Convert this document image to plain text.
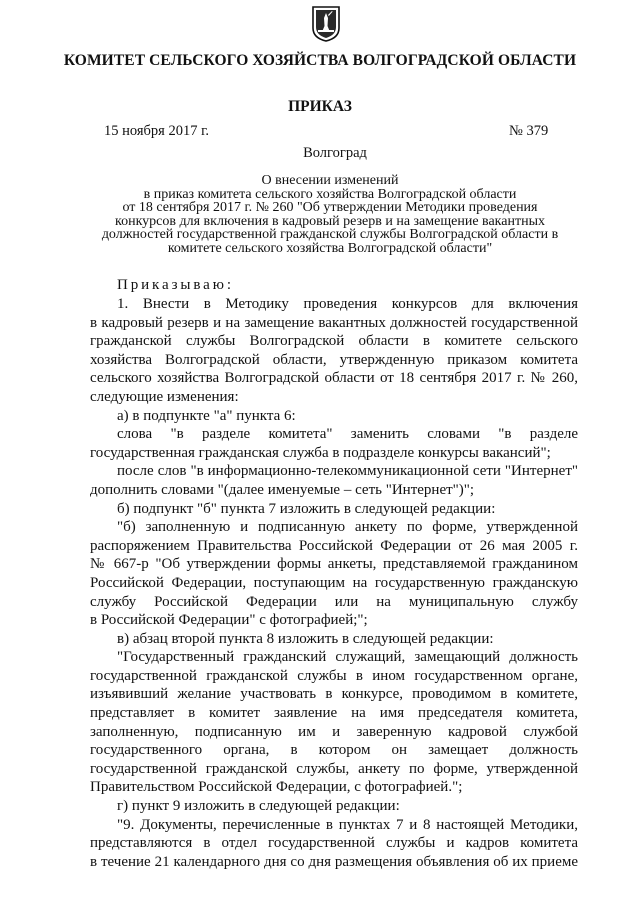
КОМИТЕТ СЕЛЬСКОГО ХОЗЯЙСТВА ВОЛГОГРАДСКОЙ ОБЛАСТИ
ПРИКАЗ
15 ноября 2017 г.	№ 379
Волгоград
О внесении изменений
в приказ комитета сельского хозяйства Волгоградской области
от 18 сентября 2017 г. № 260 "Об утверждении Методики проведения
конкурсов для включения в кадровый резерв и на замещение вакантных
должностей государственной гражданской службы Волгоградской области в
комитете сельского хозяйства Волгоградской области"
Приказываю:

1. Внести в Методику проведения конкурсов для включения
в кадровый резерв и на замещение вакантных должностей государственной
гражданской службы Волгоградской области в комитете сельского
хозяйства Волгоградской области, утвержденную приказом комитета
сельского хозяйства Волгоградской области от 18 сентября 2017 г. № 260,
следующие изменения:

а) в подпункте "а" пункта 6:

слова "в разделе комитета" заменить словами "в разделе
государственная гражданская служба в подразделе конкурсы вакансий";

после слов "в информационно-телекоммуникационной сети "Интернет"
дополнить словами "(далее именуемые – сеть "Интернет")";

б) подпункт "б" пункта 7 изложить в следующей редакции:

"б) заполненную и подписанную анкету по форме, утвержденной
распоряжением Правительства Российской Федерации от 26 мая 2005 г.
№ 667-р "Об утверждении формы анкеты, представляемой гражданином
Российской Федерации, поступающим на государственную гражданскую
службу Российской Федерации или на муниципальную службу
в Российской Федерации" с фотографией;";

в) абзац второй пункта 8 изложить в следующей редакции:

"Государственный гражданский служащий, замещающий должность
государственной гражданской службы в ином государственном органе,
изъявивший желание участвовать в конкурсе, проводимом в комитете,
представляет в комитет заявление на имя председателя комитета,
заполненную, подписанную им и заверенную кадровой службой
государственного органа, в котором он замещает должность
государственной гражданской службы, анкету по форме, утвержденной
Правительством Российской Федерации, с фотографией.";

г) пункт 9 изложить в следующей редакции:

"9. Документы, перечисленные в пунктах 7 и 8 настоящей Методики,
представляются в отдел государственной службы и кадров комитета
в течение 21 календарного дня со дня размещения объявления об их приеме
